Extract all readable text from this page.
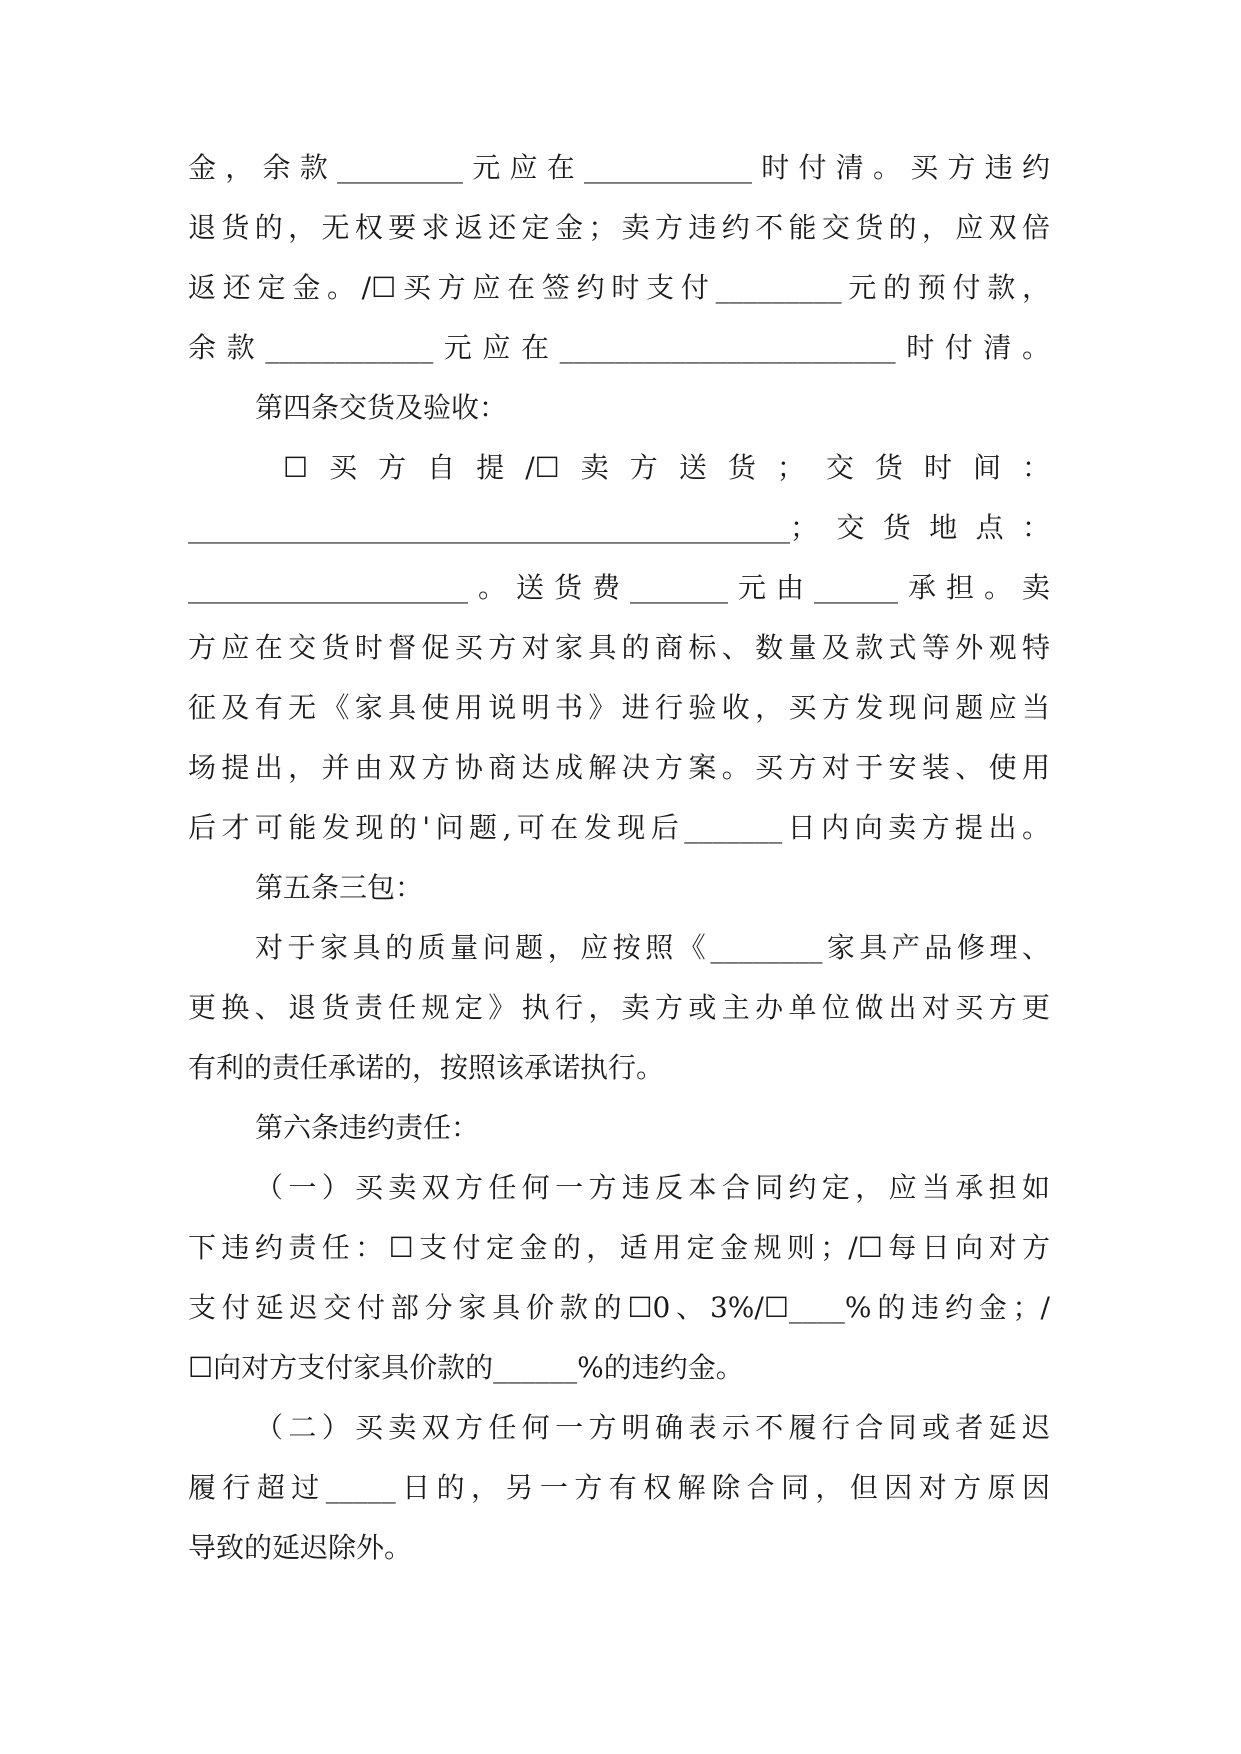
金，余款_________元应在____________时付清。买方违约
退货的，无权要求返还定金；卖方违约不能交货的，应双倍
返还定金。/☐买方应在签约时支付_________元的预付款，
余款____________元应在________________________时付清。
第四条交货及验收：
☐买方自提/☐卖方送货；交货时间：
___________________________________________；交货地点：
____________________。送货费_______元由______承担。卖
方应在交货时督促买方对家具的商标、数量及款式等外观特
征及有无《家具使用说明书》进行验收，买方发现问题应当
场提出，并由双方协商达成解决方案。买方对于安装、使用
后才可能发现的'问题,可在发现后_______日内向卖方提出。
第五条三包：
对于家具的质量问题，应按照《________家具产品修理、
更换、退货责任规定》执行，卖方或主办单位做出对买方更
有利的责任承诺的，按照该承诺执行。
第六条违约责任：
（一）买卖双方任何一方违反本合同约定，应当承担如
下违约责任：☐支付定金的，适用定金规则；/☐每日向对方
支付延迟交付部分家具价款的☐0、3%/☐____%的违约金；/
☐向对方支付家具价款的______%的违约金。
（二）买卖双方任何一方明确表示不履行合同或者延迟
履行超过_____日的，另一方有权解除合同，但因对方原因
导致的延迟除外。
